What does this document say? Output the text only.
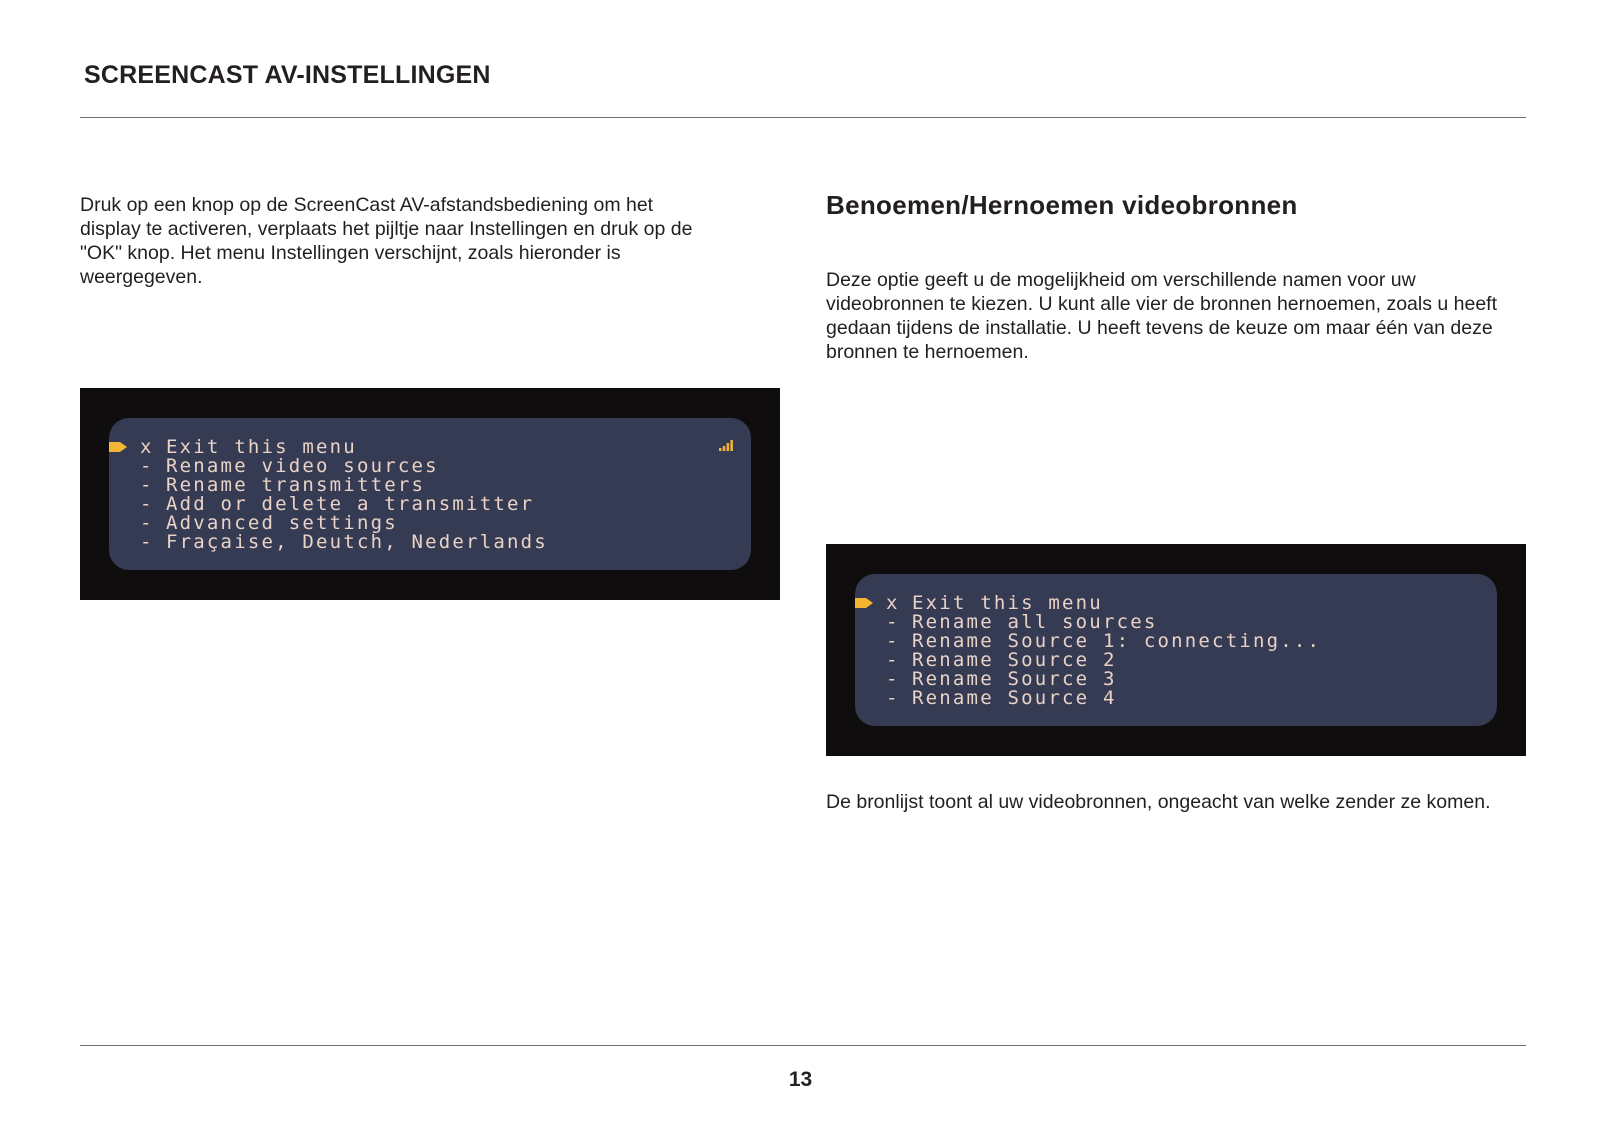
SCREENCAST AV-INSTELLINGEN

Druk op een knop op de ScreenCast AV-afstandsbediening om het display te activeren, verplaats het pijltje naar Instellingen en druk op de "OK" knop. Het menu Instellingen verschijnt, zoals hieronder is weergegeven.

x Exit this menu
- Rename video sources
- Rename transmitters
- Add or delete a transmitter
- Advanced settings
- Fraçaise, Deutch, Nederlands
Benoemen/Hernoemen videobronnen

Deze optie geeft u de mogelijkheid om verschillende namen voor uw videobronnen te kiezen. U kunt alle vier de bronnen hernoemen, zoals u heeft gedaan tijdens de installatie. U heeft tevens de keuze om maar één van deze bronnen te hernoemen.

x Exit this menu
- Rename all sources
- Rename Source 1: connecting...
- Rename Source 2
- Rename Source 3
- Rename Source 4

De bronlijst toont al uw videobronnen, ongeacht van welke zender ze komen.

13
